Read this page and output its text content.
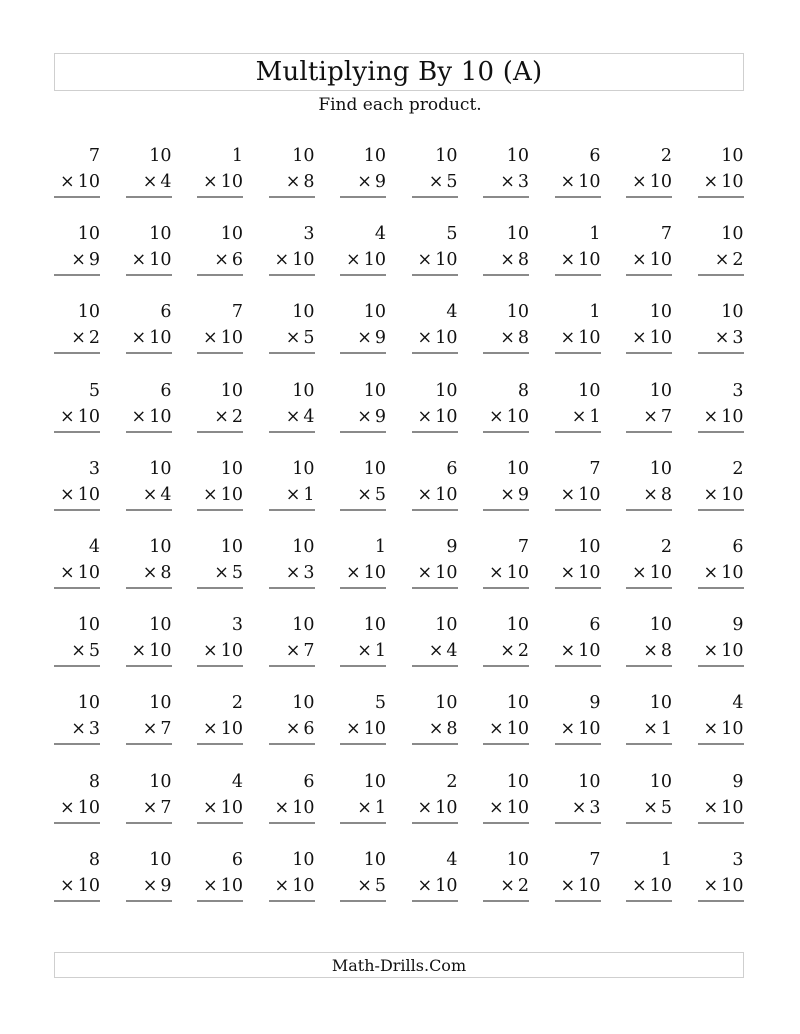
Multiplying By 10 (A)
Find each product.
7
× 10
10
× 4
1
× 10
10
× 8
10
× 9
10
× 5
10
× 3
6
× 10
2
× 10
10
× 10
10
× 9
10
× 10
10
× 6
3
× 10
4
× 10
5
× 10
10
× 8
1
× 10
7
× 10
10
× 2
10
× 2
6
× 10
7
× 10
10
× 5
10
× 9
4
× 10
10
× 8
1
× 10
10
× 10
10
× 3
5
× 10
6
× 10
10
× 2
10
× 4
10
× 9
10
× 10
8
× 10
10
× 1
10
× 7
3
× 10
3
× 10
10
× 4
10
× 10
10
× 1
10
× 5
6
× 10
10
× 9
7
× 10
10
× 8
2
× 10
4
× 10
10
× 8
10
× 5
10
× 3
1
× 10
9
× 10
7
× 10
10
× 10
2
× 10
6
× 10
10
× 5
10
× 10
3
× 10
10
× 7
10
× 1
10
× 4
10
× 2
6
× 10
10
× 8
9
× 10
10
× 3
10
× 7
2
× 10
10
× 6
5
× 10
10
× 8
10
× 10
9
× 10
10
× 1
4
× 10
8
× 10
10
× 7
4
× 10
6
× 10
10
× 1
2
× 10
10
× 10
10
× 3
10
× 5
9
× 10
8
× 10
10
× 9
6
× 10
10
× 10
10
× 5
4
× 10
10
× 2
7
× 10
1
× 10
3
× 10
Math-Drills.Com
